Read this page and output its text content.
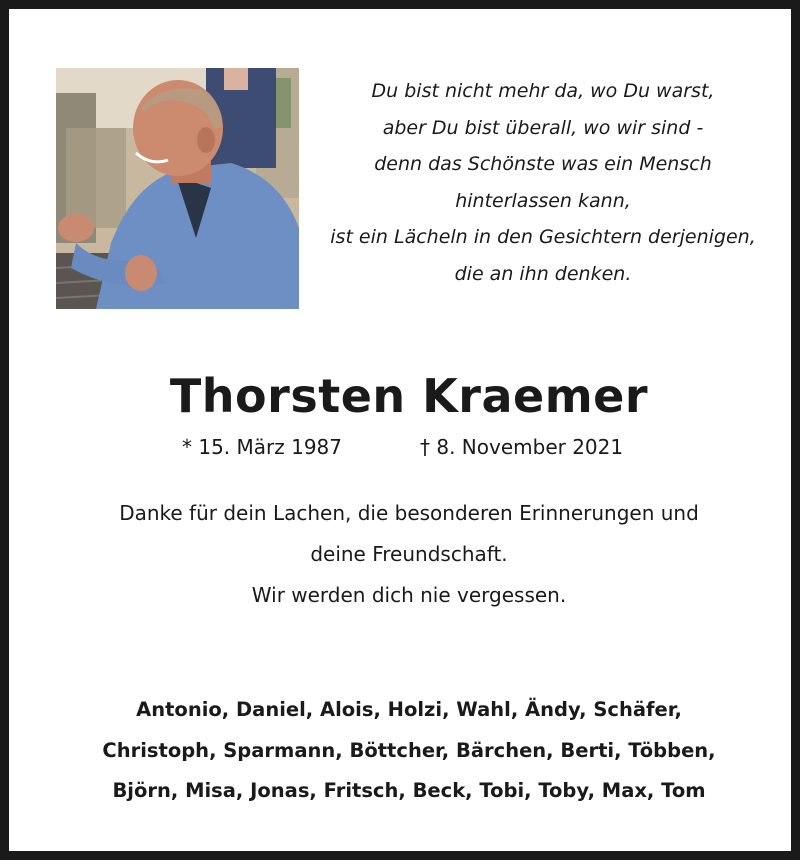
Du bist nicht mehr da, wo Du warst,
aber Du bist überall, wo wir sind -
denn das Schönste was ein Mensch
hinterlassen kann,
ist ein Lächeln in den Gesichtern derjenigen,
die an ihn denken.
Thorsten Kraemer
* 15. März 1987	† 8. November 2021
Danke für dein Lachen, die besonderen Erinnerungen und
deine Freundschaft.
Wir werden dich nie vergessen.
Antonio, Daniel, Alois, Holzi, Wahl, Ändy, Schäfer,
Christoph, Sparmann, Böttcher, Bärchen, Berti, Többen,
Björn, Misa, Jonas, Fritsch, Beck, Tobi, Toby, Max, Tom
